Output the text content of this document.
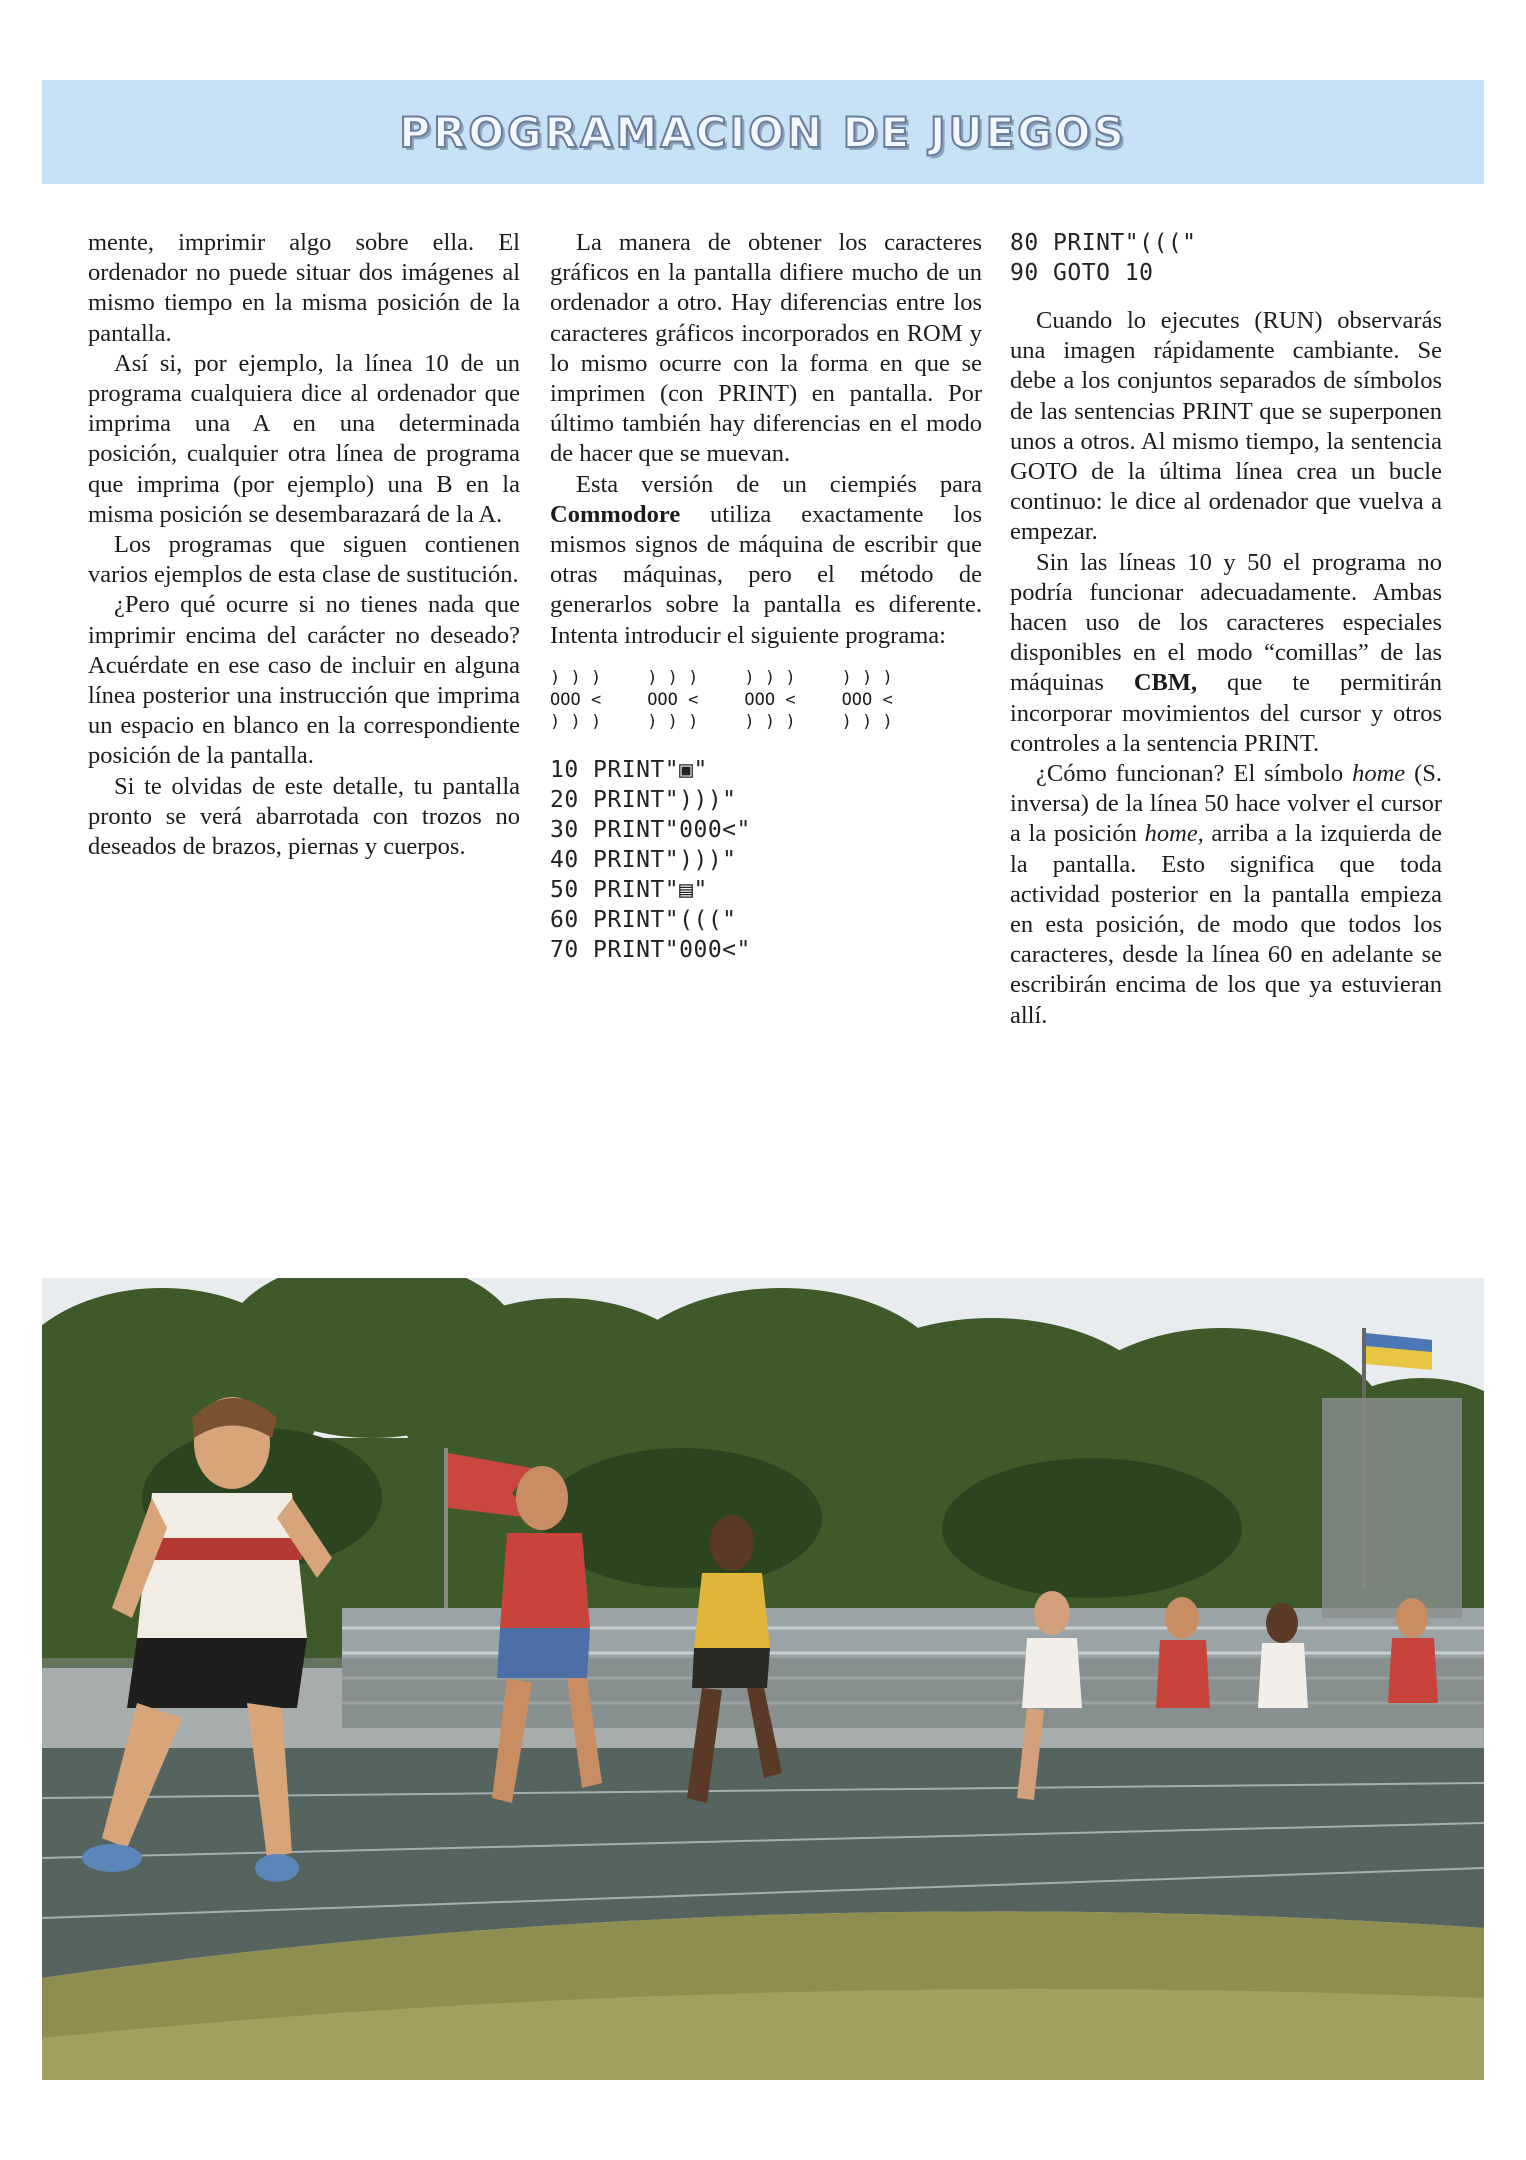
PROGRAMACION DE JUEGOS

mente, imprimir algo sobre ella. El ordenador no puede situar dos imágenes al mismo tiempo en la misma posición de la pantalla.

Así si, por ejemplo, la línea 10 de un programa cualquiera dice al ordenador que imprima una A en una determinada posición, cualquier otra línea de programa que imprima (por ejemplo) una B en la misma posición se desembarazará de la A.

Los programas que siguen contienen varios ejemplos de esta clase de sustitución.

¿Pero qué ocurre si no tienes nada que imprimir encima del carácter no deseado? Acuérdate en ese caso de incluir en alguna línea posterior una instrucción que imprima un espacio en blanco en la correspondiente posición de la pantalla.

Si te olvidas de este detalle, tu pantalla pronto se verá abarrotada con trozos no deseados de brazos, piernas y cuerpos.

La manera de obtener los caracteres gráficos en la pantalla difiere mucho de un ordenador a otro. Hay diferencias entre los caracteres gráficos incorporados en ROM y lo mismo ocurre con la forma en que se imprimen (con PRINT) en pantalla. Por último también hay diferencias en el modo de hacer que se muevan.

Esta versión de un ciempiés para Commodore utiliza exactamente los mismos signos de máquina de escribir que otras máquinas, pero el método de generarlos sobre la pantalla es diferente. Intenta introducir el siguiente programa:

) ) )
OOO <
) ) )
) ) )
OOO <
) ) )
) ) )
OOO <
) ) )
) ) )
OOO <
) ) )
10 PRINT"▣"
20 PRINT")))"
30 PRINT"000<"
40 PRINT")))"
50 PRINT"▤"
60 PRINT"((("
70 PRINT"000<"
80 PRINT"((("
90 GOTO 10

Cuando lo ejecutes (RUN) observarás una imagen rápidamente cambiante. Se debe a los conjuntos separados de símbolos de las sentencias PRINT que se superponen unos a otros. Al mismo tiempo, la sentencia GOTO de la última línea crea un bucle continuo: le dice al ordenador que vuelva a empezar.

Sin las líneas 10 y 50 el programa no podría funcionar adecuadamente. Ambas hacen uso de los caracteres especiales disponibles en el modo “comillas” de las máquinas CBM, que te permitirán incorporar movimientos del cursor y otros controles a la sentencia PRINT.

¿Cómo funcionan? El símbolo home (S. inversa) de la línea 50 hace volver el cursor a la posición home, arriba a la izquierda de la pantalla. Esto significa que toda actividad posterior en la pantalla empieza en esta posición, de modo que todos los caracteres, desde la línea 60 en adelante se escribirán encima de los que ya estuvieran allí.
